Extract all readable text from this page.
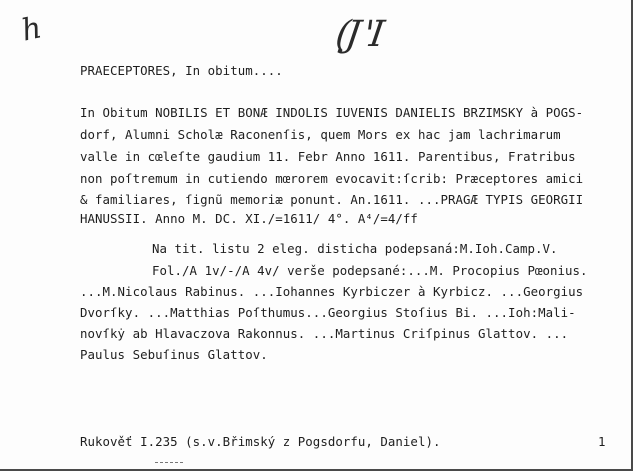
h	(J 'I
PRAECEPTORES, In obitum....
In Obitum NOBILIS ET BONÆ INDOLIS IUVENIS DANIELIS BRZIMSKY à POGS-
dorf, Alumni Scholæ Raconenſis, quem Mors ex hac jam lachrimarum
valle in cœleſte gaudium 11. Febr Anno 1611. Parentibus, Fratribus
non poſtremum in cutiendo mœrorem evocavit:ſcrib: Præceptores amici
& familiares, ſignũ memoriæ ponunt. An.1611. ...PRAGÆ TYPIS GEORGII
HANUSSII. Anno M. DC. XI./=1611/ 4°. A⁴/=4/ff
Na tit. listu 2 eleg. disticha podepsaná:M.Ioh.Camp.V.
Fol./A 1v/-/A 4v/ verše podepsané:...M. Procopius Pœonius.
...M.Nicolaus Rabinus. ...Iohannes Kyrbiczer à Kyrbicz. ...Georgius
Dvorſky. ...Matthias Poſthumus...Georgius Stoſius Bi. ...Ioh:Mali-
novſkẏ ab Hlavaczova Rakonnus. ...Martinus Criſpinus Glattov. ...
Paulus Sebuſinus Glattov.
Rukověť I.235 (s.v.Břimský z Pogsdorfu, Daniel).	1
